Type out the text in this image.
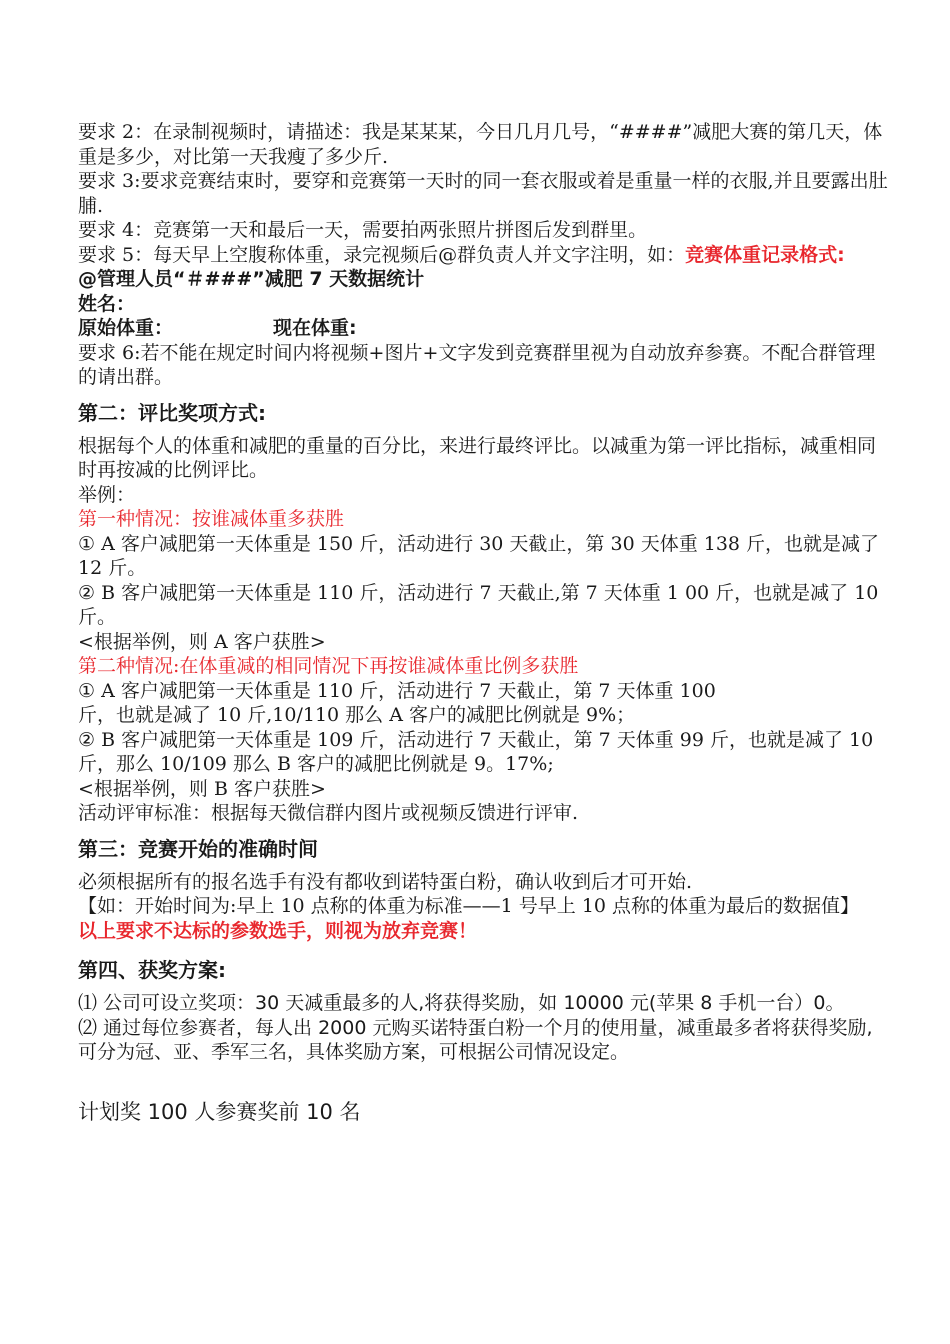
要求 2：在录制视频时，请描述：我是某某某，今日几月几号，“####”减肥大赛的第几天，体重是多少，对比第一天我瘦了多少斤.

要求 3:要求竞赛结束时，要穿和竞赛第一天时的同一套衣服或着是重量一样的衣服,并且要露出肚脯.

要求 4：竞赛第一天和最后一天，需要拍两张照片拼图后发到群里。

要求 5：每天早上空腹称体重，录完视频后@群负责人并文字注明，如：竞赛体重记录格式:

@管理人员“＃###”减肥 7 天数据统计

姓名：

原始体重：	现在体重:

要求 6:若不能在规定时间内将视频+图片+文字发到竞赛群里视为自动放弃参赛。不配合群管理的请出群。

第二：评比奖项方式:

根据每个人的体重和减肥的重量的百分比，来进行最终评比。以减重为第一评比指标，减重相同时再按减的比例评比。

举例：

第一种情况：按谁减体重多获胜

① A 客户减肥第一天体重是 150 斤，活动进行 30 天截止，第 30 天体重 138 斤，也就是减了 12 斤。

② B 客户减肥第一天体重是 110 斤，活动进行 7 天截止,第 7 天体重 1 00 斤，也就是减了 10 斤。

<根据举例，则 A 客户获胜>

第二种情况:在体重减的相同情况下再按谁减体重比例多获胜

① A 客户减肥第一天体重是 110 斤，活动进行 7 天截止，第 7 天体重 100

斤，也就是减了 10 斤,10/110 那么 A 客户的减肥比例就是 9%；

② B 客户减肥第一天体重是 109 斤，活动进行 7 天截止，第 7 天体重 99 斤，也就是减了 10 斤，那么 10/109 那么 B 客户的减肥比例就是 9。17%;

<根据举例，则 B 客户获胜>

活动评审标准：根据每天微信群内图片或视频反馈进行评审.

第三：竞赛开始的准确时间

必须根据所有的报名选手有没有都收到诺特蛋白粉，确认收到后才可开始.

【如：开始时间为:早上 10 点称的体重为标准——1 号早上 10 点称的体重为最后的数据值】

以上要求不达标的参数选手，则视为放弃竞赛！

第四、获奖方案:

⑴ 公司可设立奖项：30 天减重最多的人,将获得奖励，如 10000 元(苹果 8 手机一台）0。

⑵ 通过每位参赛者，每人出 2000 元购买诺特蛋白粉一个月的使用量，减重最多者将获得奖励,可分为冠、亚、季军三名，具体奖励方案，可根据公司情况设定。

计划奖 100 人参赛奖前 10 名
